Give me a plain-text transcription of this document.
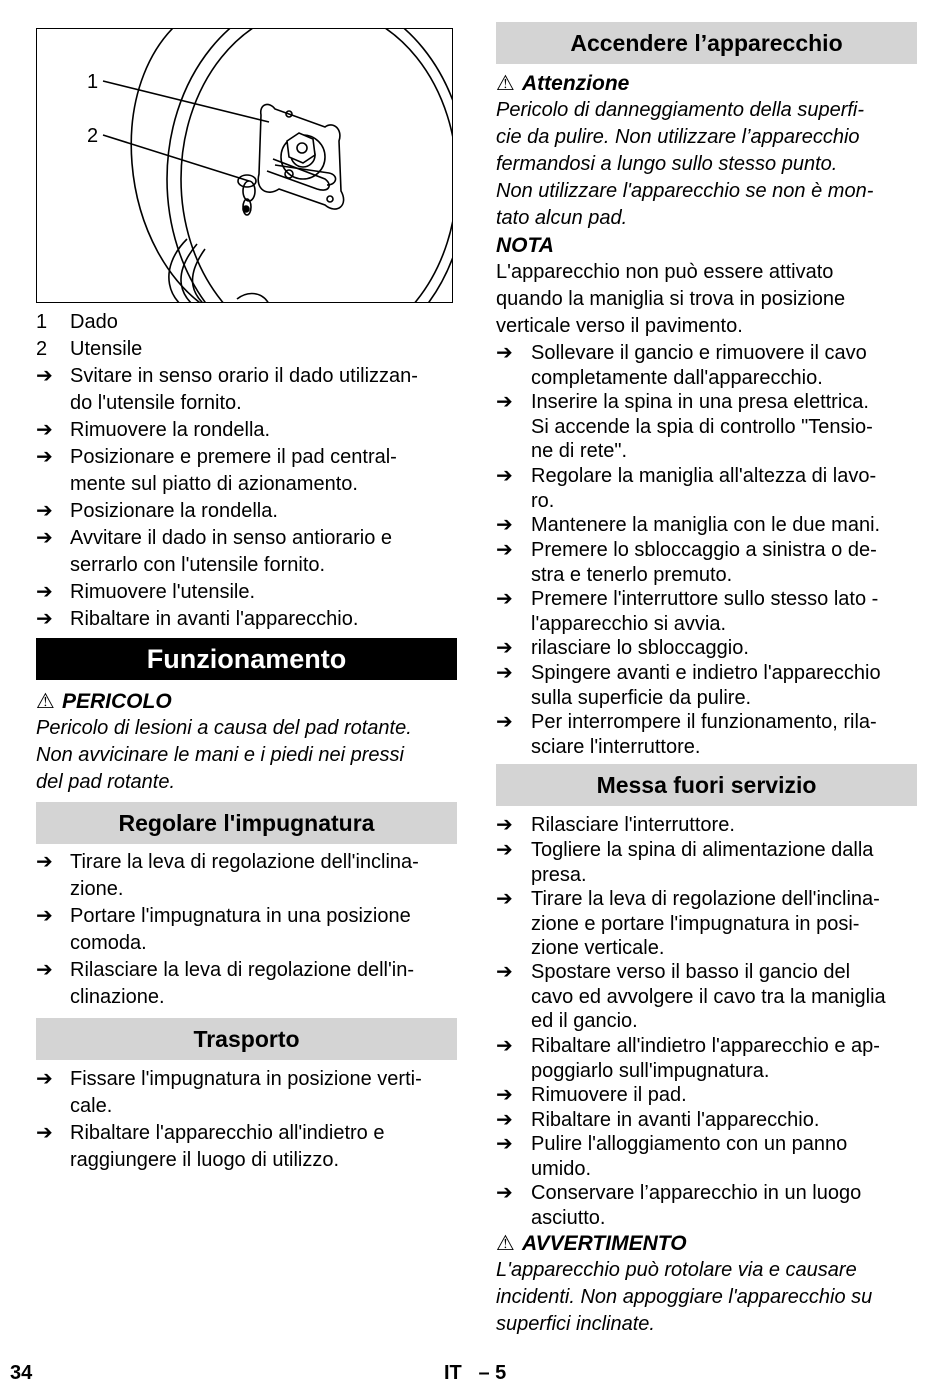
1
2
1	Dado
2	Utensile
➔ Svitare in senso orario il dado utilizzan-
do l'utensile fornito.
➔ Rimuovere la rondella.
➔ Posizionare e premere il pad central-
mente sul piatto di azionamento.
➔ Posizionare la rondella.
➔ Avvitare il dado in senso antiorario e
serrarlo con l'utensile fornito.
➔ Rimuovere l'utensile.
➔ Ribaltare in avanti l'apparecchio.
Funzionamento
⚠ PERICOLO
Pericolo di lesioni a causa del pad rotante.
Non avvicinare le mani e i piedi nei pressi
del pad rotante.
Regolare l'impugnatura
➔ Tirare la leva di regolazione dell'inclina-
zione.
➔ Portare l'impugnatura in una posizione
comoda.
➔ Rilasciare la leva di regolazione dell'in-
clinazione.
Trasporto
➔ Fissare l'impugnatura in posizione verti-
cale.
➔ Ribaltare l'apparecchio all'indietro e
raggiungere il luogo di utilizzo.
Accendere l’apparecchio
⚠ Attenzione
Pericolo di danneggiamento della superfi-
cie da pulire. Non utilizzare l’apparecchio
fermandosi a lungo sullo stesso punto.
Non utilizzare l'apparecchio se non è mon-
tato alcun pad.
NOTA
L'apparecchio non può essere attivato
quando la maniglia si trova in posizione
verticale verso il pavimento.
➔ Sollevare il gancio e rimuovere il cavo
completamente dall'apparecchio.
➔ Inserire la spina in una presa elettrica.
Si accende la spia di controllo "Tensio-
ne di rete".
➔ Regolare la maniglia all'altezza di lavo-
ro.
➔ Mantenere la maniglia con le due mani.
➔ Premere lo sbloccaggio a sinistra o de-
stra e tenerlo premuto.
➔ Premere l'interruttore sullo stesso lato -
l'apparecchio si avvia.
➔ rilasciare lo sbloccaggio.
➔ Spingere avanti e indietro l'apparecchio
sulla superficie da pulire.
➔ Per interrompere il funzionamento, rila-
sciare l'interruttore.
Messa fuori servizio
➔ Rilasciare l'interruttore.
➔ Togliere la spina di alimentazione dalla
presa.
➔ Tirare la leva di regolazione dell'inclina-
zione e portare l'impugnatura in posi-
zione verticale.
➔ Spostare verso il basso il gancio del
cavo ed avvolgere il cavo tra la maniglia
ed il gancio.
➔ Ribaltare all'indietro l'apparecchio e ap-
poggiarlo sull'impugnatura.
➔ Rimuovere il pad.
➔ Ribaltare in avanti l'apparecchio.
➔ Pulire l'alloggiamento con un panno
umido.
➔ Conservare l’apparecchio in un luogo
asciutto.
⚠ AVVERTIMENTO
L'apparecchio può rotolare via e causare
incidenti. Non appoggiare l'apparecchio su
superfici inclinate.
34	IT   – 5
